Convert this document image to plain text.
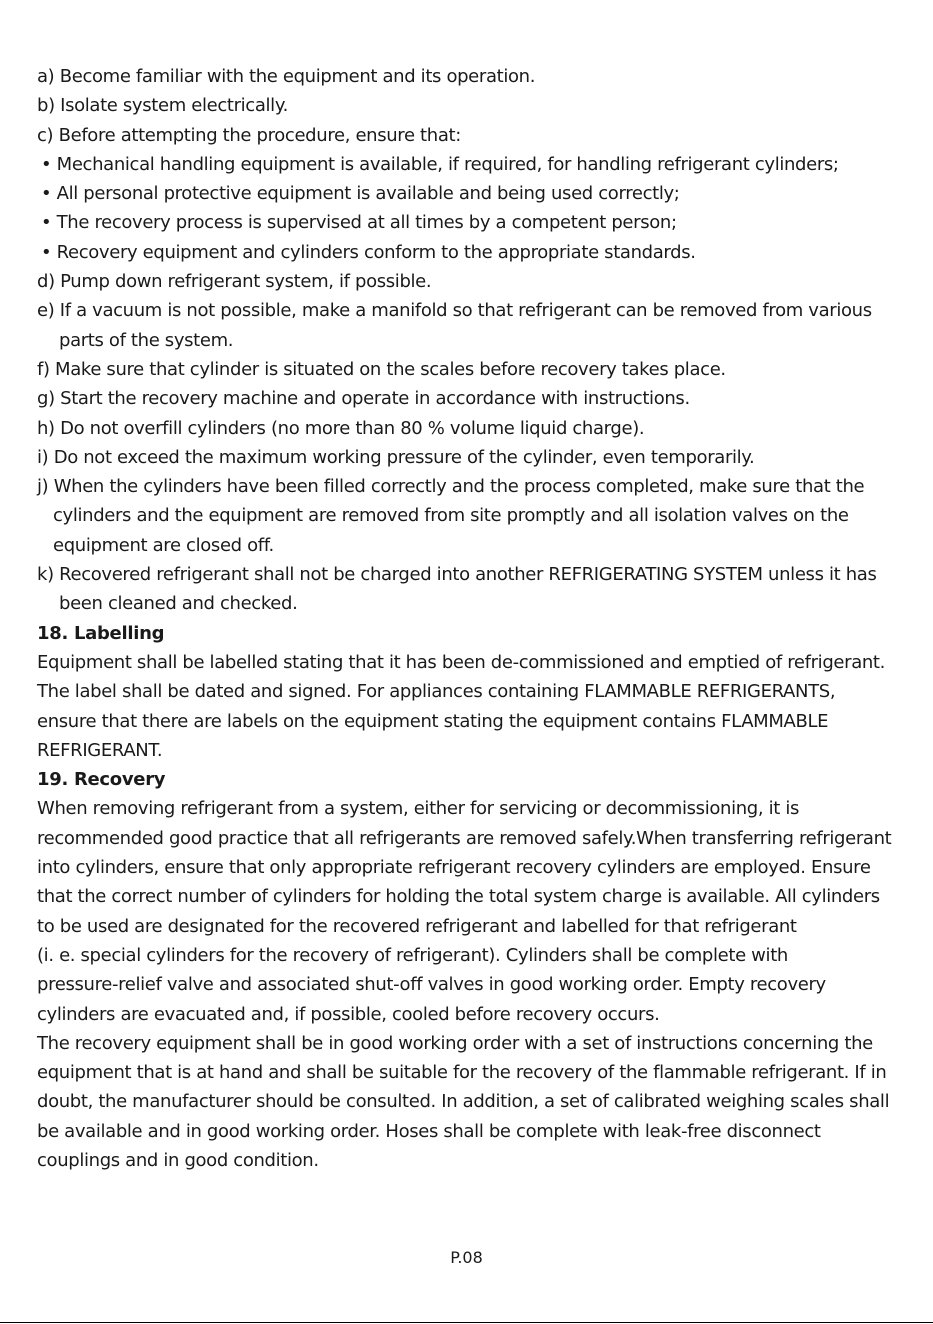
a) Become familiar with the equipment and its operation.
b) Isolate system electrically.
c) Before attempting the procedure, ensure that:
• Mechanical handling equipment is available, if required, for handling refrigerant cylinders;
• All personal protective equipment is available and being used correctly;
• The recovery process is supervised at all times by a competent person;
• Recovery equipment and cylinders conform to the appropriate standards.
d) Pump down refrigerant system, if possible.
e) If a vacuum is not possible, make a manifold so that refrigerant can be removed from various
parts of the system.
f) Make sure that cylinder is situated on the scales before recovery takes place.
g) Start the recovery machine and operate in accordance with instructions.
h) Do not overfill cylinders (no more than 80 % volume liquid charge).
i) Do not exceed the maximum working pressure of the cylinder, even temporarily.
j) When the cylinders have been filled correctly and the process completed, make sure that the
cylinders and the equipment are removed from site promptly and all isolation valves on the
equipment are closed off.
k) Recovered refrigerant shall not be charged into another REFRIGERATING SYSTEM unless it has
been cleaned and checked.
18. Labelling
Equipment shall be labelled stating that it has been de-commissioned and emptied of refrigerant.
The label shall be dated and signed. For appliances containing FLAMMABLE REFRIGERANTS,
ensure that there are labels on the equipment stating the equipment contains FLAMMABLE
REFRIGERANT.
19. Recovery
When removing refrigerant from a system, either for servicing or decommissioning, it is
recommended good practice that all refrigerants are removed safely.When transferring refrigerant
into cylinders, ensure that only appropriate refrigerant recovery cylinders are employed. Ensure
that the correct number of cylinders for holding the total system charge is available. All cylinders
to be used are designated for the recovered refrigerant and labelled for that refrigerant
(i. e. special cylinders for the recovery of refrigerant). Cylinders shall be complete with
pressure-relief valve and associated shut-off valves in good working order. Empty recovery
cylinders are evacuated and, if possible, cooled before recovery occurs.
The recovery equipment shall be in good working order with a set of instructions concerning the
equipment that is at hand and shall be suitable for the recovery of the flammable refrigerant. If in
doubt, the manufacturer should be consulted. In addition, a set of calibrated weighing scales shall
be available and in good working order. Hoses shall be complete with leak-free disconnect
couplings and in good condition.
P.08
